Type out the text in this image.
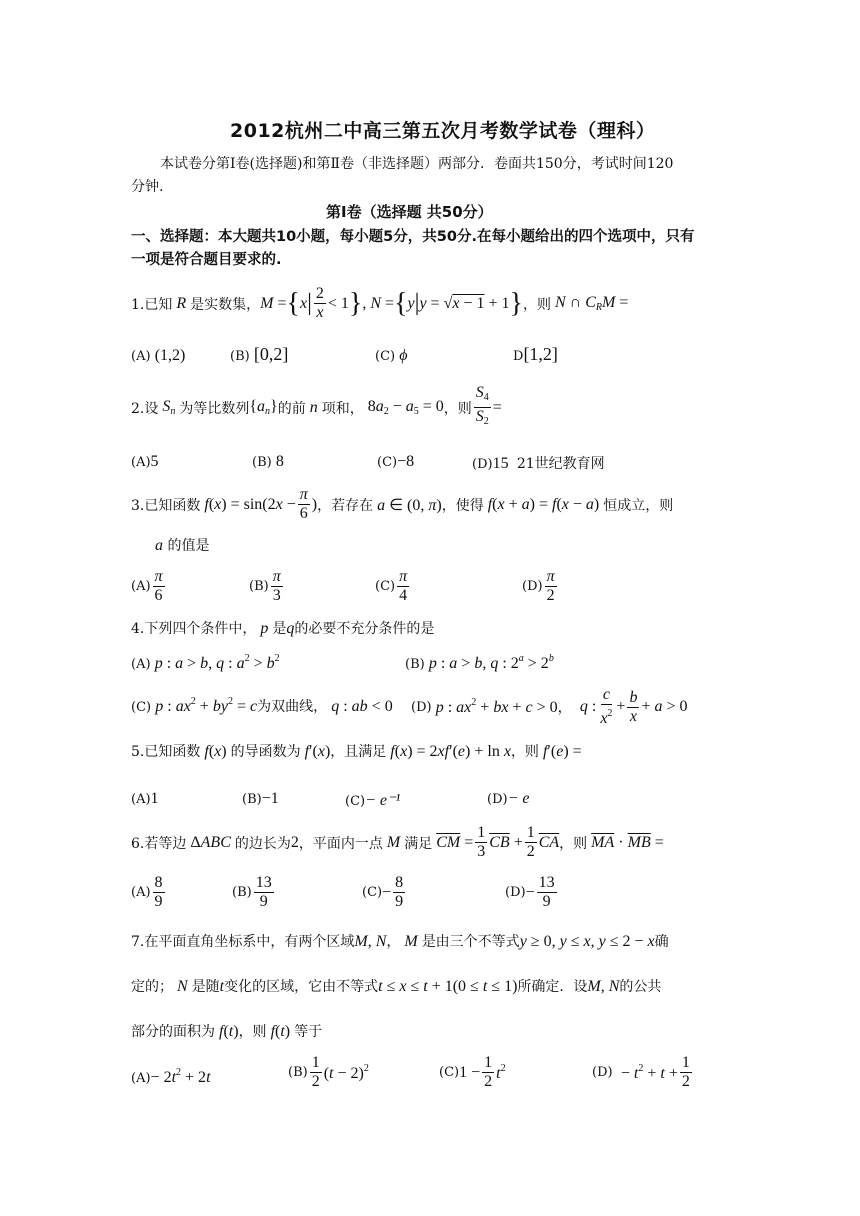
2012杭州二中高三第五次月考数学试卷（理科）
本试卷分第Ⅰ卷(选择题)和第Ⅱ卷（非选择题）两部分．卷面共150分，考试时间120
分钟.
第Ⅰ卷（选择题 共50分）
一、选择题：本大题共10小题，每小题5分，共50分.在每小题给出的四个选项中，只有
一项是符合题目要求的.
1.已知 R 是实数集， M = { x | $\frac{2}{x} < 1$ } , N = { y | y = √x − 1 + 1 } ，则 N ∩ $C_RM$ =
(A) (1,2)	(B) [0,2]	(C) ϕ	D[1,2]
2.设 $S_n$ 为等比数列 $\{a_n\}$ 的前 n 项和， $8a_2 - a_5 = 0$ ，则 $\frac{S_4}{S_2}$ =
(A)5	(B) 8	(C)−8	(D)15 21世纪教育网
3.已知函数 $f(x) = \sin(2x - \frac{\pi}{6}$ ) ，若存在 a ∈ (0, π) ，使得 f(x + a) = f(x − a) 恒成立，则
a 的值是
$(A) \frac{\pi}{6}$	$(B) \frac{\pi}{3}$	$(C) \frac{\pi}{4}$	$(D) \frac{\pi}{2}$
4.下列四个条件中， p 是q的必要不充分条件的是
(A) p : a > b, q : $a^2 > b^2$	(B) p : a > b, q : $2^a > 2^b$
(C) p : $ax^2 + by^2 = c$为双曲线， q : ab < 0 (D)
p : $ax^2$ + bx + c > 0 ，
q : $\frac{c}{x^2} + \frac{b}{x} + a > 0$
5.已知函数 f(x) 的导函数为 f′(x)，且满足 f(x) = 2xf′(e) + ln x，则 f′(e) =
(A)1	(B)−1	(C)− e⁻¹	(D)− e
6.若等边 ΔABC 的边长为 2 ，平面内一点 M 满足 $\overline{CM} = \frac{1}{3} \overline{CB} + \frac{1}{2} \overline{CA}$ ，则 $\overline{MA} \cdot \overline{MB}$ =
$(A) \frac{8}{9}$	$(B) \frac{13}{9}$	$(C) - \frac{8}{9}$	$(D) - \frac{13}{9}$
7.在平面直角坐标系中，有两个区域M, N， M 是由三个不等式y ≥ 0, y ≤ x, y ≤ 2 − x确
定的； N 是随t变化的区域，它由不等式t ≤ x ≤ t + 1(0 ≤ t ≤ 1)所确定．设M, N的公共
部分的面积为 f(t)，则 f(t) 等于
$(A)- 2t^2 + 2t$	$(B) \frac{1}{2} (t - 2)^2$	(C) $1 - \frac{1}{2} t^2$	(D)
− $t^2 + t + \frac{1}{2}$
